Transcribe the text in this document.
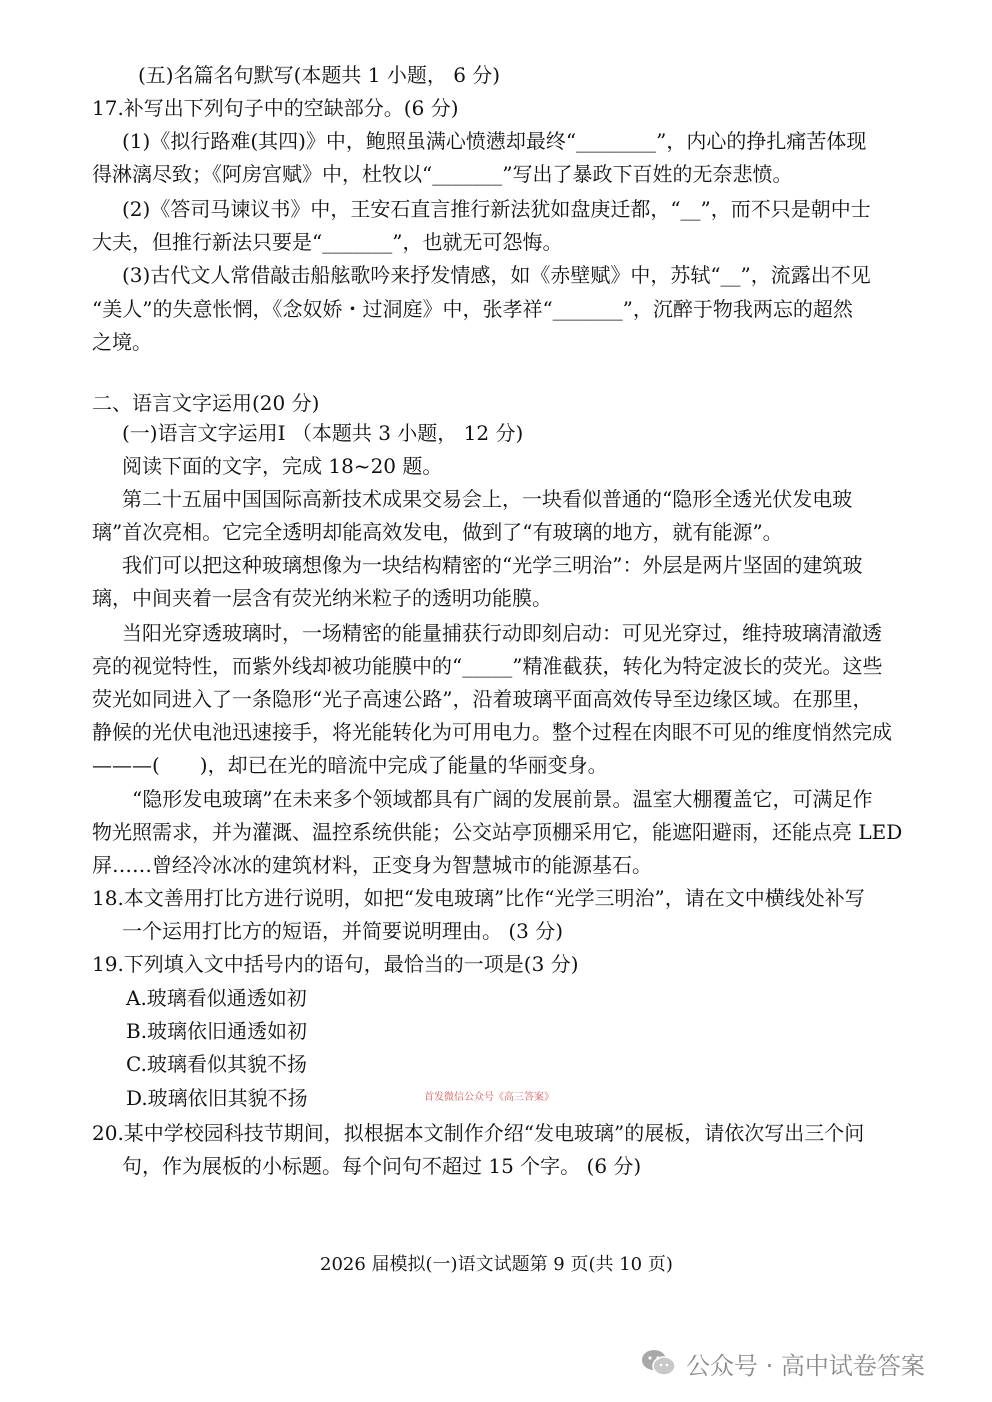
(五)名篇名句默写(本题共 1 小题， 6 分)
17.补写出下列句子中的空缺部分。(6 分)
(1)《拟行路难(其四)》中，鲍照虽满心愤懑却最终“________”，内心的挣扎痛苦体现
得淋漓尽致；《阿房宫赋》中，杜牧以“_______”写出了暴政下百姓的无奈悲愤。
(2)《答司马谏议书》中，王安石直言推行新法犹如盘庚迁都，“__”，而不只是朝中士
大夫，但推行新法只要是“_______”，也就无可怨悔。
(3)古代文人常借敲击船舷歌吟来抒发情感，如《赤壁赋》中，苏轼“__”，流露出不见
“美人”的失意怅惘，《念奴娇・过洞庭》中，张孝祥“_______”，沉醉于物我两忘的超然
之境。
二、语言文字运用(20 分)
(一)语言文字运用Ⅰ （本题共 3 小题， 12 分)
阅读下面的文字，完成 18~20 题。
第二十五届中国国际高新技术成果交易会上，一块看似普通的“隐形全透光伏发电玻
璃”首次亮相。它完全透明却能高效发电，做到了“有玻璃的地方，就有能源”。
我们可以把这种玻璃想像为一块结构精密的“光学三明治”：外层是两片坚固的建筑玻
璃，中间夹着一层含有荧光纳米粒子的透明功能膜。
当阳光穿透玻璃时，一场精密的能量捕获行动即刻启动：可见光穿过，维持玻璃清澈透
亮的视觉特性，而紫外线却被功能膜中的“_____”精准截获，转化为特定波长的荧光。这些
荧光如同进入了一条隐形“光子高速公路”，沿着玻璃平面高效传导至边缘区域。在那里，
静候的光伏电池迅速接手，将光能转化为可用电力。整个过程在肉眼不可见的维度悄然完成
———(　　)，却已在光的暗流中完成了能量的华丽变身。
“隐形发电玻璃”在未来多个领域都具有广阔的发展前景。温室大棚覆盖它，可满足作
物光照需求，并为灌溉、温控系统供能；公交站亭顶棚采用它，能遮阳避雨，还能点亮 LED
屏……曾经冷冰冰的建筑材料，正变身为智慧城市的能源基石。
18.本文善用打比方进行说明，如把“发电玻璃”比作“光学三明治”，请在文中横线处补写
一个运用打比方的短语，并简要说明理由。 (3 分)
19.下列填入文中括号内的语句，最恰当的一项是(3 分)
A.玻璃看似通透如初
B.玻璃依旧通透如初
C.玻璃看似其貌不扬
D.玻璃依旧其貌不扬	首发微信公众号《高三答案》
20.某中学校园科技节期间，拟根据本文制作介绍“发电玻璃”的展板，请依次写出三个问
句，作为展板的小标题。每个问句不超过 15 个字。 (6 分)
2026 届模拟(一)语文试题第 9 页(共 10 页)
公众号 · 高中试卷答案
